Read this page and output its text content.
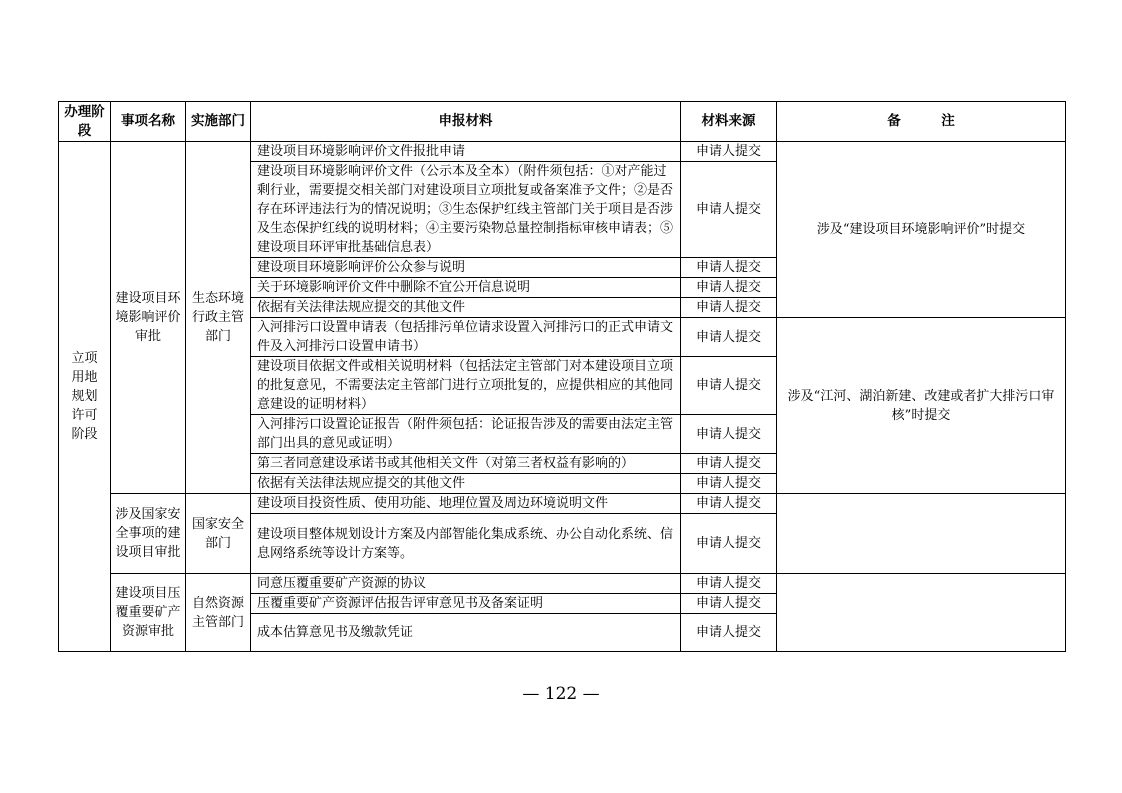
办理阶段	事项名称	实施部门	申报材料	材料来源	备　　　注
立项用地规划许可阶段	建设项目环境影响评价审批	生态环境行政主管部门	建设项目环境影响评价文件报批申请	申请人提交	涉及“建设项目环境影响评价”时提交
			建设项目环境影响评价文件（公示本及全本）（附件须包括：①对产能过剩行业，需要提交相关部门对建设项目立项批复或备案准予文件；②是否存在环评违法行为的情况说明；③生态保护红线主管部门关于项目是否涉及生态保护红线的说明材料；④主要污染物总量控制指标审核申请表；⑤建设项目环评审批基础信息表）	申请人提交	
			建设项目环境影响评价公众参与说明	申请人提交	
			关于环境影响评价文件中删除不宜公开信息说明	申请人提交	
			依据有关法律法规应提交的其他文件	申请人提交	
			入河排污口设置申请表（包括排污单位请求设置入河排污口的正式申请文件及入河排污口设置申请书）	申请人提交	涉及“江河、湖泊新建、改建或者扩大排污口审核”时提交
			建设项目依据文件或相关说明材料（包括法定主管部门对本建设项目立项的批复意见，不需要法定主管部门进行立项批复的，应提供相应的其他同意建设的证明材料）	申请人提交	
			入河排污口设置论证报告（附件须包括：论证报告涉及的需要由法定主管部门出具的意见或证明）	申请人提交	
			第三者同意建设承诺书或其他相关文件（对第三者权益有影响的）	申请人提交	
			依据有关法律法规应提交的其他文件	申请人提交	
	涉及国家安全事项的建设项目审批	国家安全部门	建设项目投资性质、使用功能、地理位置及周边环境说明文件	申请人提交	
			建设项目整体规划设计方案及内部智能化集成系统、办公自动化系统、信息网络系统等设计方案等。	申请人提交	
	建设项目压覆重要矿产资源审批	自然资源主管部门	同意压覆重要矿产资源的协议	申请人提交	
			压覆重要矿产资源评估报告评审意见书及备案证明	申请人提交	
			成本估算意见书及缴款凭证	申请人提交	
— 122 —
